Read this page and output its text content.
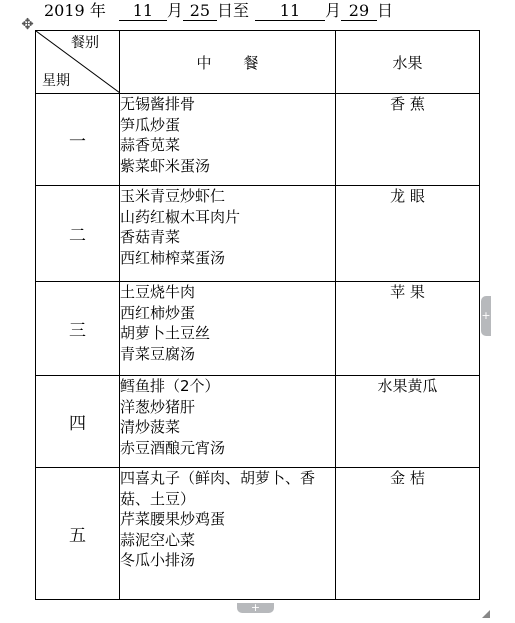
2019 年 11 月 25 日至 11 月 29 日
✥
餐别
星期	中餐	水果
一	无锡酱排骨
笋瓜炒蛋
蒜香苋菜
紫菜虾米蛋汤	香 蕉
二	玉米青豆炒虾仁
山药红椒木耳肉片
香菇青菜
西红柿榨菜蛋汤	龙 眼
三	土豆烧牛肉
西红柿炒蛋
胡萝卜土豆丝
青菜豆腐汤	苹 果
四	鳕鱼排（2个）
洋葱炒猪肝
清炒菠菜
赤豆酒酿元宵汤	水果黄瓜
五	四喜丸子（鲜肉、胡萝卜、香
菇、土豆）
芹菜腰果炒鸡蛋
蒜泥空心菜
冬瓜小排汤	金 桔
+
+
